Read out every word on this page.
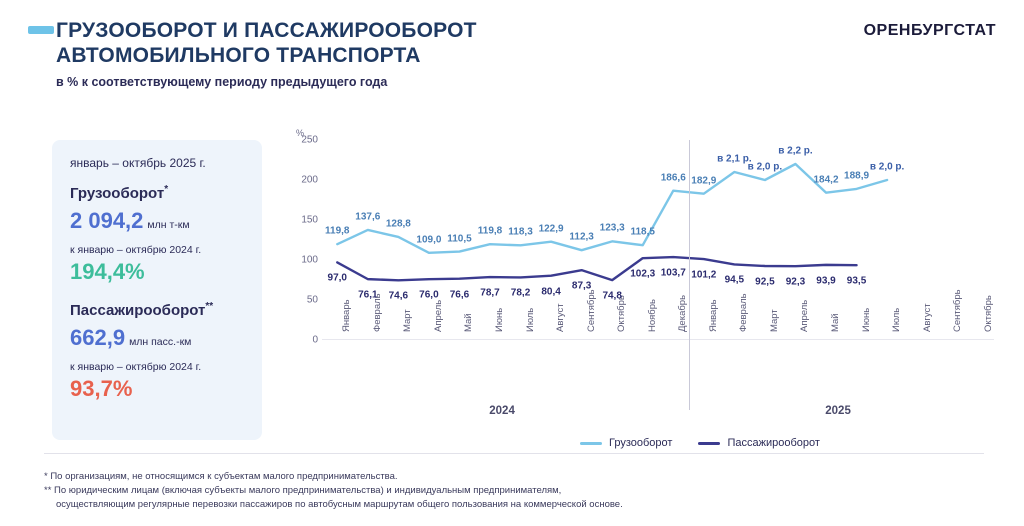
ГРУЗООБОРОТ И ПАССАЖИРООБОРОТ
АВТОМОБИЛЬНОГО ТРАНСПОРТА
в % к соответствующему периоду предыдущего года
ОРЕНБУРГСТАТ
январь – октябрь 2025 г.
Грузооборот*
2 094,2 млн т-км
к январю – октябрю 2024 г.
194,4%
Пассажирооборот**
662,9 млн пасс.-км
к январю – октябрю 2024 г.
93,7%
%
0
50
100
150
200
250
Январь Февраль Март Апрель Май Июнь Июль Август Сентябрь Октябрь Ноябрь Декабрь Январь Февраль Март Апрель Май Июнь Июль Август Сентябрь Октябрь
2024	2025
Грузооборот	Пассажирооборот
* По организациям, не относящимся к субъектам малого предпринимательства.
** По юридическим лицам (включая субъекты малого предпринимательства) и индивидуальным предпринимателям,
осуществляющим регулярные перевозки пассажиров по автобусным маршрутам общего пользования на коммерческой основе.
119,8
137,6
128,8
109,0 110,5
119,8 118,3 122,9
112,3
123,3 118,5
186,6 182,9
в 2,1 р.
в 2,0 р.
в 2,2 р.
184,2 188,9
в 2,0 р.
97,0
76,1 74,6 76,0 76,6 78,7 78,2 80,4
87,3
74,8
102,3 103,7 101,2 94,5 92,5 92,3 93,9 93,5
